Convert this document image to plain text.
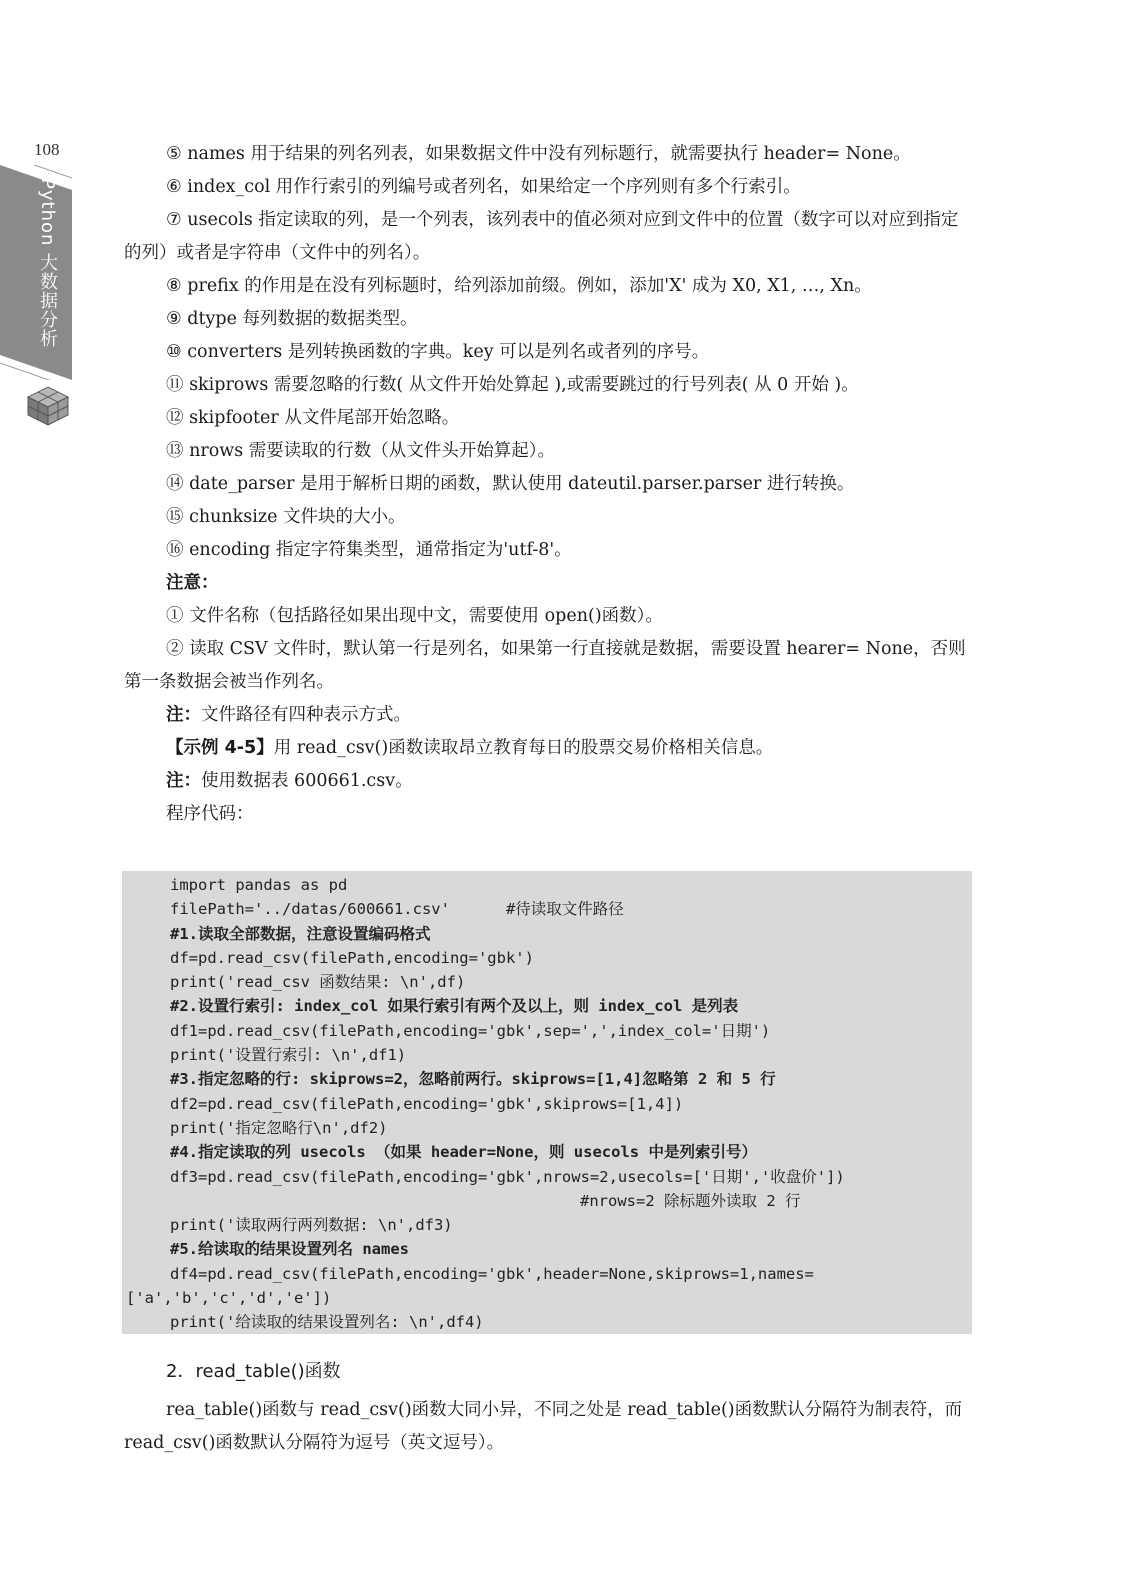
108
Python 大数据分析

⑤ names 用于结果的列名列表，如果数据文件中没有列标题行，就需要执行 header= None。

⑥ index_col 用作行索引的列编号或者列名，如果给定一个序列则有多个行索引。

⑦ usecols 指定读取的列，是一个列表，该列表中的值必须对应到文件中的位置（数字可以对应到指定的列）或者是字符串（文件中的列名）。

⑧ prefix 的作用是在没有列标题时，给列添加前缀。例如，添加'X' 成为 X0, X1, …, Xn。

⑨ dtype 每列数据的数据类型。

⑩ converters 是列转换函数的字典。key 可以是列名或者列的序号。

⑪ skiprows 需要忽略的行数( 从文件开始处算起 ),或需要跳过的行号列表( 从 0 开始 )。

⑫ skipfooter 从文件尾部开始忽略。

⑬ nrows 需要读取的行数（从文件头开始算起）。

⑭ date_parser 是用于解析日期的函数，默认使用 dateutil.parser.parser 进行转换。

⑮ chunksize 文件块的大小。

⑯ encoding 指定字符集类型，通常指定为'utf-8'。

注意：

① 文件名称（包括路径如果出现中文，需要使用 open()函数）。

② 读取 CSV 文件时，默认第一行是列名，如果第一行直接就是数据，需要设置 hearer= None，否则第一条数据会被当作列名。

注：文件路径有四种表示方式。

【示例 4-5】用 read_csv()函数读取昂立教育每日的股票交易价格相关信息。

注：使用数据表 600661.csv。

程序代码：

import pandas as pd
filePath='../datas/600661.csv'      #待读取文件路径
#1.读取全部数据，注意设置编码格式
df=pd.read_csv(filePath,encoding='gbk')
print('read_csv 函数结果: \n',df)
#2.设置行索引: index_col 如果行索引有两个及以上，则 index_col 是列表
df1=pd.read_csv(filePath,encoding='gbk',sep=',',index_col='日期')
print('设置行索引: \n',df1)
#3.指定忽略的行: skiprows=2，忽略前两行。skiprows=[1,4]忽略第 2 和 5 行
df2=pd.read_csv(filePath,encoding='gbk',skiprows=[1,4])
print('指定忽略行\n',df2)
#4.指定读取的列 usecols （如果 header=None，则 usecols 中是列索引号）
df3=pd.read_csv(filePath,encoding='gbk',nrows=2,usecols=['日期','收盘价'])
#nrows=2 除标题外读取 2 行
print('读取两行两列数据: \n',df3)
#5.给读取的结果设置列名 names
df4=pd.read_csv(filePath,encoding='gbk',header=None,skiprows=1,names=
['a','b','c','d','e'])
print('给读取的结果设置列名: \n',df4)
2．read_table()函数

rea_table()函数与 read_csv()函数大同小异，不同之处是 read_table()函数默认分隔符为制表符，而 read_csv()函数默认分隔符为逗号（英文逗号）。
